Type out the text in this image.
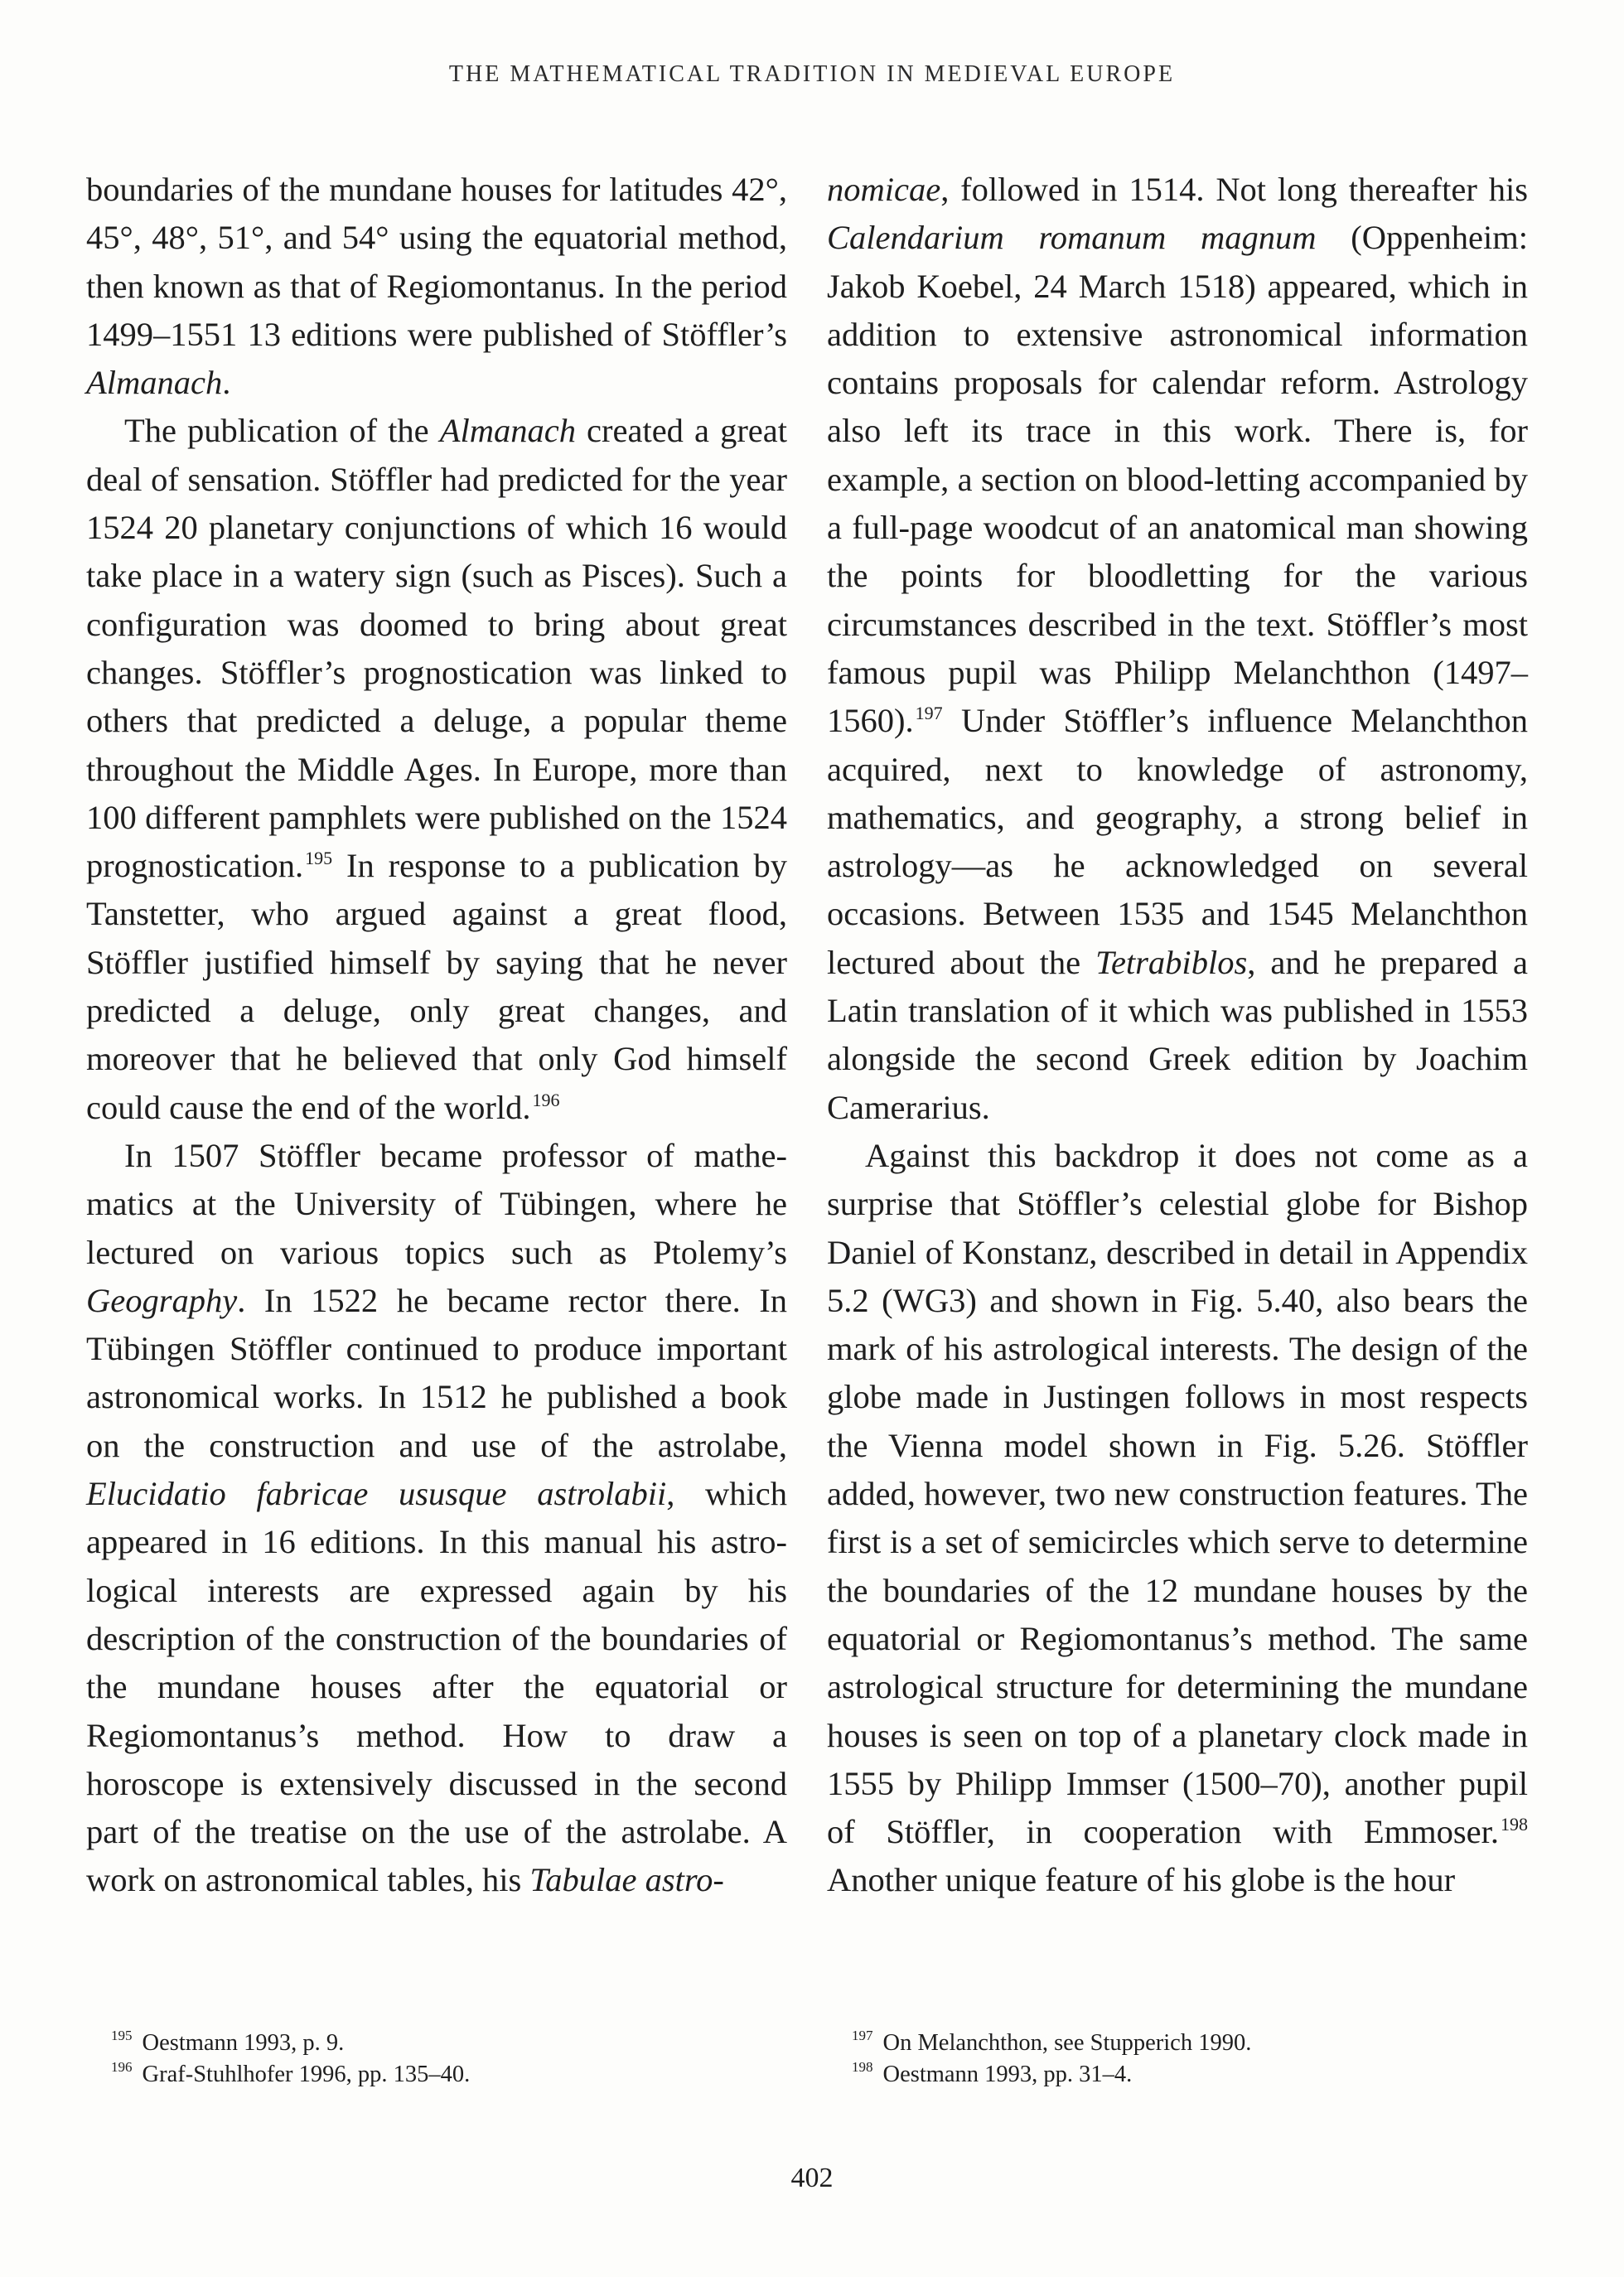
THE MATHEMATICAL TRADITION IN MEDIEVAL EUROPE

boundaries of the mundane houses for latitudes 42°, 45°, 48°, 51°, and 54° using the equatorial method, then known as that of Regiomontanus. In the period 1499–1551 13 editions were published of Stöffler’s Almanach.

The publication of the Almanach created a great deal of sensation. Stöffler had predicted for the year 1524 20 planetary conjunctions of which 16 would take place in a watery sign (such as Pisces). Such a configuration was doomed to bring about great changes. Stöffler’s prognostication was linked to others that predicted a deluge, a popular theme throughout the Middle Ages. In Europe, more than 100 different pamphlets were published on the 1524 prognostication.$^{195}$ In response to a publication by Tanstetter, who argued against a great flood, Stöffler justified himself by saying that he never predicted a deluge, only great changes, and moreover that he believed that only God himself could cause the end of the world.$^{196}$

In 1507 Stöffler became professor of mathematics at the University of Tübingen, where he lectured on various topics such as Ptolemy’s Geography. In 1522 he became rector there. In Tübingen Stöffler continued to produce important astronomical works. In 1512 he published a book on the construction and use of the astrolabe, Elucidatio fabricae ususque astrolabii, which appeared in 16 editions. In this manual his astrological interests are expressed again by his description of the construction of the boundaries of the mundane houses after the equatorial or Regiomontanus’s method. How to draw a horoscope is extensively discussed in the second part of the treatise on the use of the astrolabe. A work on astronomical tables, his Tabulae astro-

nomicae, followed in 1514. Not long thereafter his Calendarium romanum magnum (Oppenheim: Jakob Koebel, 24 March 1518) appeared, which in addition to extensive astronomical information contains proposals for calendar reform. Astrology also left its trace in this work. There is, for example, a section on blood-letting accompanied by a full-page woodcut of an anatomical man showing the points for bloodletting for the various circumstances described in the text. Stöffler’s most famous pupil was Philipp Melanchthon (1497–1560).$^{197}$ Under Stöffler’s influence Melanchthon acquired, next to knowledge of astronomy, mathematics, and geography, a strong belief in astrology—as he acknowledged on several occasions. Between 1535 and 1545 Melanchthon lectured about the Tetrabiblos, and he prepared a Latin translation of it which was published in 1553 alongside the second Greek edition by Joachim Camerarius.

Against this backdrop it does not come as a surprise that Stöffler’s celestial globe for Bishop Daniel of Konstanz, described in detail in Appendix 5.2 (WG3) and shown in Fig. 5.40, also bears the mark of his astrological interests. The design of the globe made in Justingen follows in most respects the Vienna model shown in Fig. 5.26. Stöffler added, however, two new construction features. The first is a set of semicircles which serve to determine the boundaries of the 12 mundane houses by the equatorial or Regiomontanus’s method. The same astrological structure for determining the mundane houses is seen on top of a planetary clock made in 1555 by Philipp Immser (1500–70), another pupil of Stöffler, in cooperation with Emmoser.$^{198}$ Another unique feature of his globe is the hour

$^{195}$ Oestmann 1993, p. 9.

$^{196}$ Graf-Stuhlhofer 1996, pp. 135–40.

$^{197}$ On Melanchthon, see Stupperich 1990.

$^{198}$ Oestmann 1993, pp. 31–4.

402
